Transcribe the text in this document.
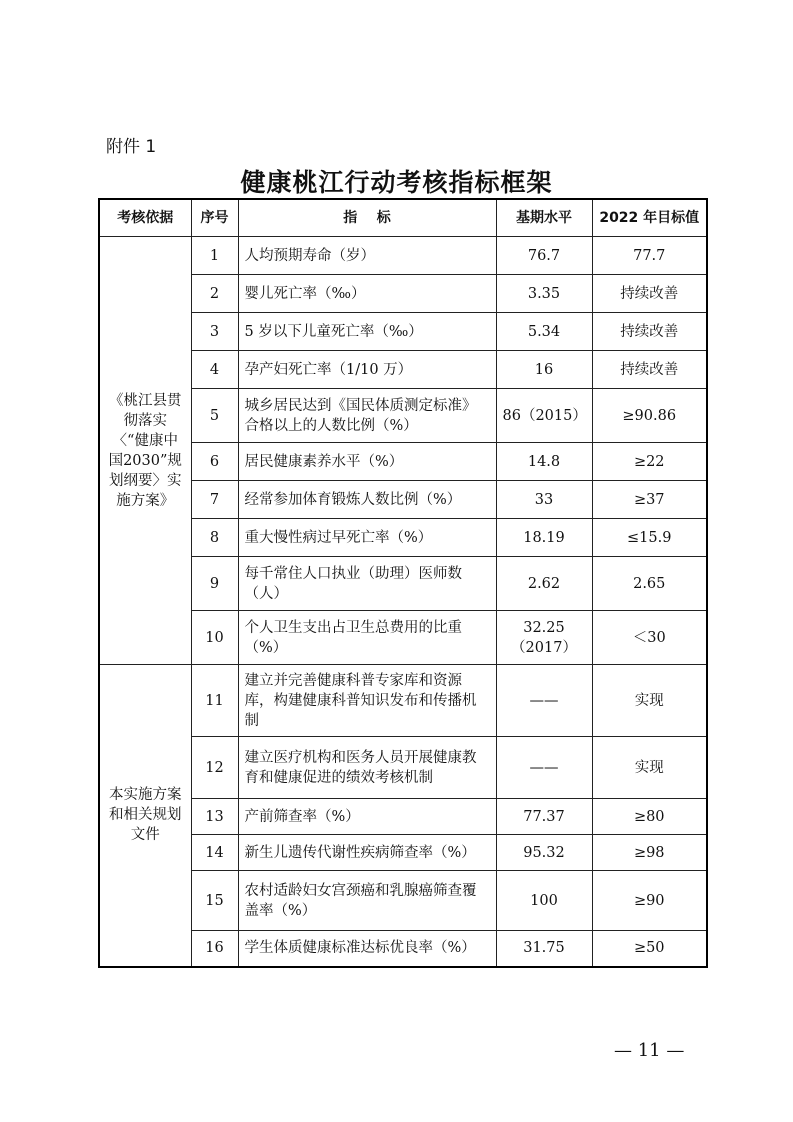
附件 1
健康桃江行动考核指标框架
考核依据	序号	指    标	基期水平	2022 年目标值
《桃江县贯彻落实〈“健康中国2030”规划纲要〉实施方案》	1	人均预期寿命（岁）	76.7	77.7
	2	婴儿死亡率（‰）	3.35	持续改善
	3	5 岁以下儿童死亡率（‰）	5.34	持续改善
	4	孕产妇死亡率（1/10 万）	16	持续改善
	5	城乡居民达到《国民体质测定标准》合格以上的人数比例（%）	86（2015）	≥90.86
	6	居民健康素养水平（%）	14.8	≥22
	7	经常参加体育锻炼人数比例（%）	33	≥37
	8	重大慢性病过早死亡率（%）	18.19	≤15.9
	9	每千常住人口执业（助理）医师数（人）	2.62	2.65
	10	个人卫生支出占卫生总费用的比重（%）	32.25（2017）	＜30
本实施方案和相关规划文件	11	建立并完善健康科普专家库和资源库，构建健康科普知识发布和传播机制	——	实现
	12	建立医疗机构和医务人员开展健康教育和健康促进的绩效考核机制	——	实现
	13	产前筛查率（%）	77.37	≥80
	14	新生儿遗传代谢性疾病筛查率（%）	95.32	≥98
	15	农村适龄妇女宫颈癌和乳腺癌筛查覆盖率（%）	100	≥90
	16	学生体质健康标准达标优良率（%）	31.75	≥50
— 11 —
